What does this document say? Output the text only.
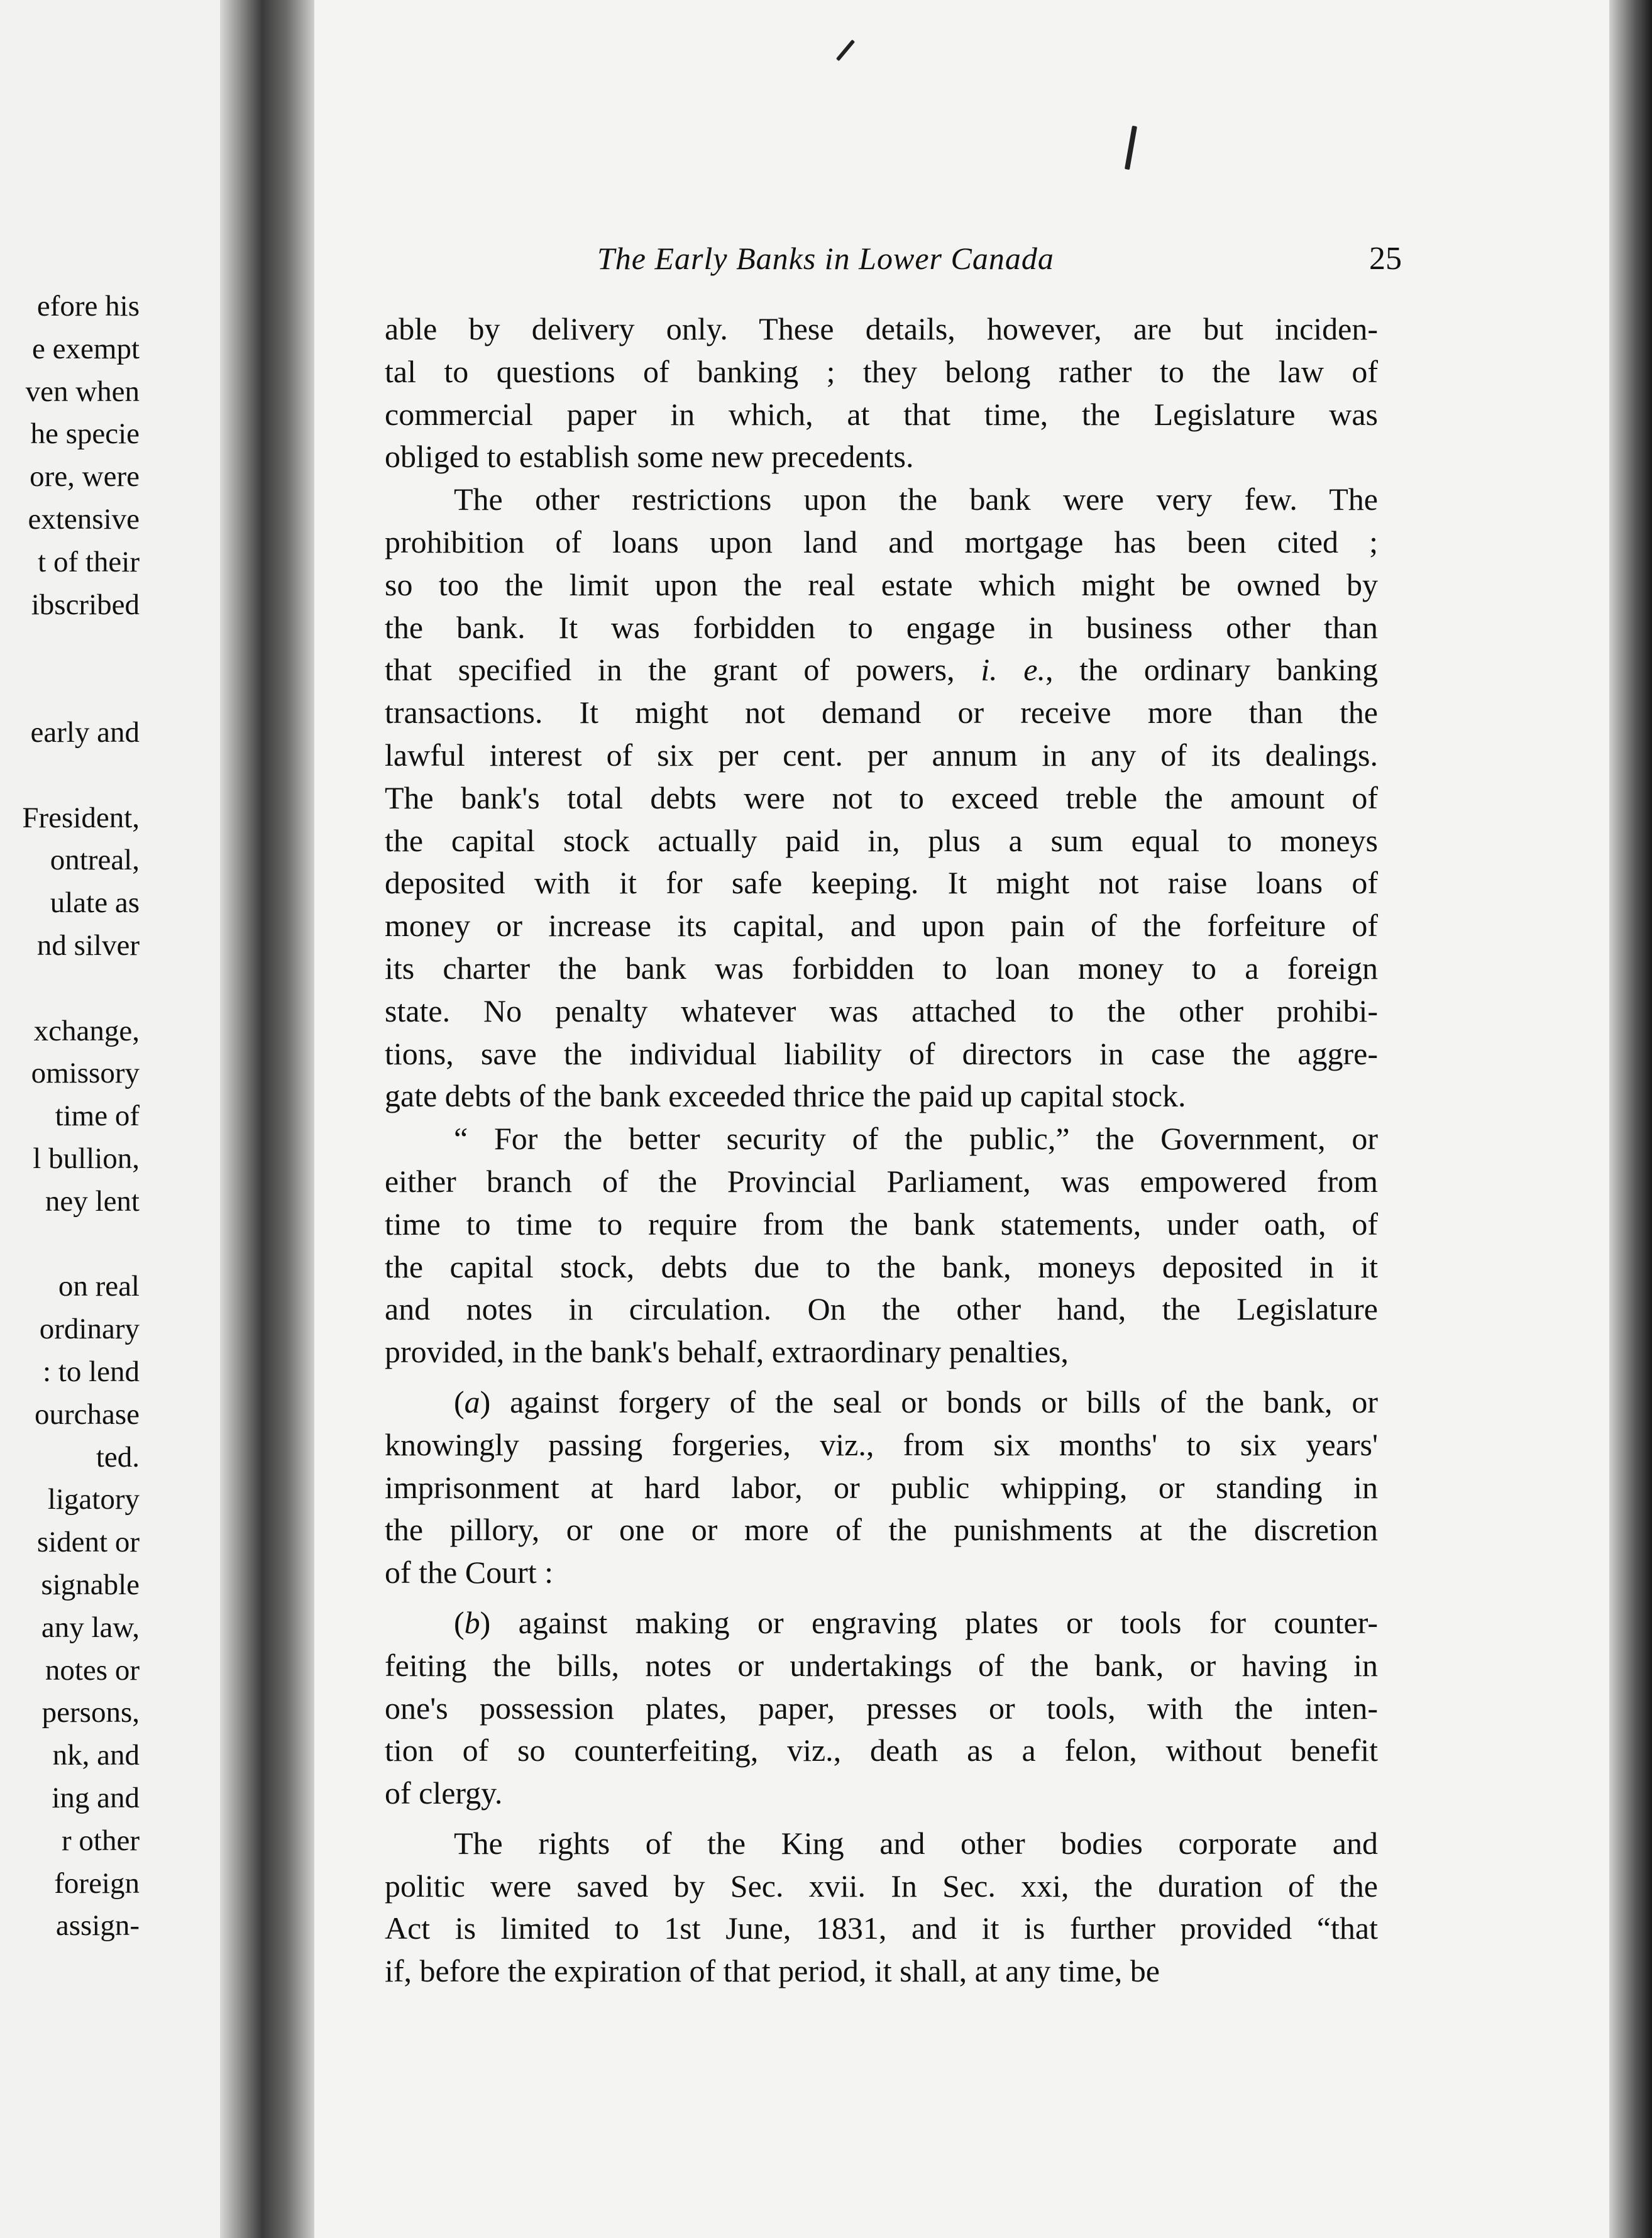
efore his
e exempt
ven when
he specie
ore, were
extensive
t of their
ibscribed
early and
Fresident,
ontreal,
ulate as
nd silver
xchange,
omissory
time of
l bullion,
ney lent
on real
ordinary
: to lend
ourchase
ted.
ligatory
sident or
signable
any law,
notes or
persons,
nk, and
ing and
r other
foreign
assign-
The Early Banks in Lower Canada	25
able by delivery only. These details, however, are but inciden-
tal to questions of banking ; they belong rather to the law of
commercial paper in which, at that time, the Legislature was
obliged to establish some new precedents.
The other restrictions upon the bank were very few. The
prohibition of loans upon land and mortgage has been cited ;
so too the limit upon the real estate which might be owned by
the bank. It was forbidden to engage in business other than
that specified in the grant of powers, i. e., the ordinary banking
transactions. It might not demand or receive more than the
lawful interest of six per cent. per annum in any of its dealings.
The bank's total debts were not to exceed treble the amount of
the capital stock actually paid in, plus a sum equal to moneys
deposited with it for safe keeping. It might not raise loans of
money or increase its capital, and upon pain of the forfeiture of
its charter the bank was forbidden to loan money to a foreign
state. No penalty whatever was attached to the other prohibi-
tions, save the individual liability of directors in case the aggre-
gate debts of the bank exceeded thrice the paid up capital stock.
“ For the better security of the public,” the Government, or
either branch of the Provincial Parliament, was empowered from
time to time to require from the bank statements, under oath, of
the capital stock, debts due to the bank, moneys deposited in it
and notes in circulation. On the other hand, the Legislature
provided, in the bank's behalf, extraordinary penalties,
(a) against forgery of the seal or bonds or bills of the bank, or
knowingly passing forgeries, viz., from six months' to six years'
imprisonment at hard labor, or public whipping, or standing in
the pillory, or one or more of the punishments at the discretion
of the Court :
(b) against making or engraving plates or tools for counter-
feiting the bills, notes or undertakings of the bank, or having in
one's possession plates, paper, presses or tools, with the inten-
tion of so counterfeiting, viz., death as a felon, without benefit
of clergy.
The rights of the King and other bodies corporate and
politic were saved by Sec. xvii. In Sec. xxi, the duration of the
Act is limited to 1st June, 1831, and it is further provided “that
if, before the expiration of that period, it shall, at any time, be
